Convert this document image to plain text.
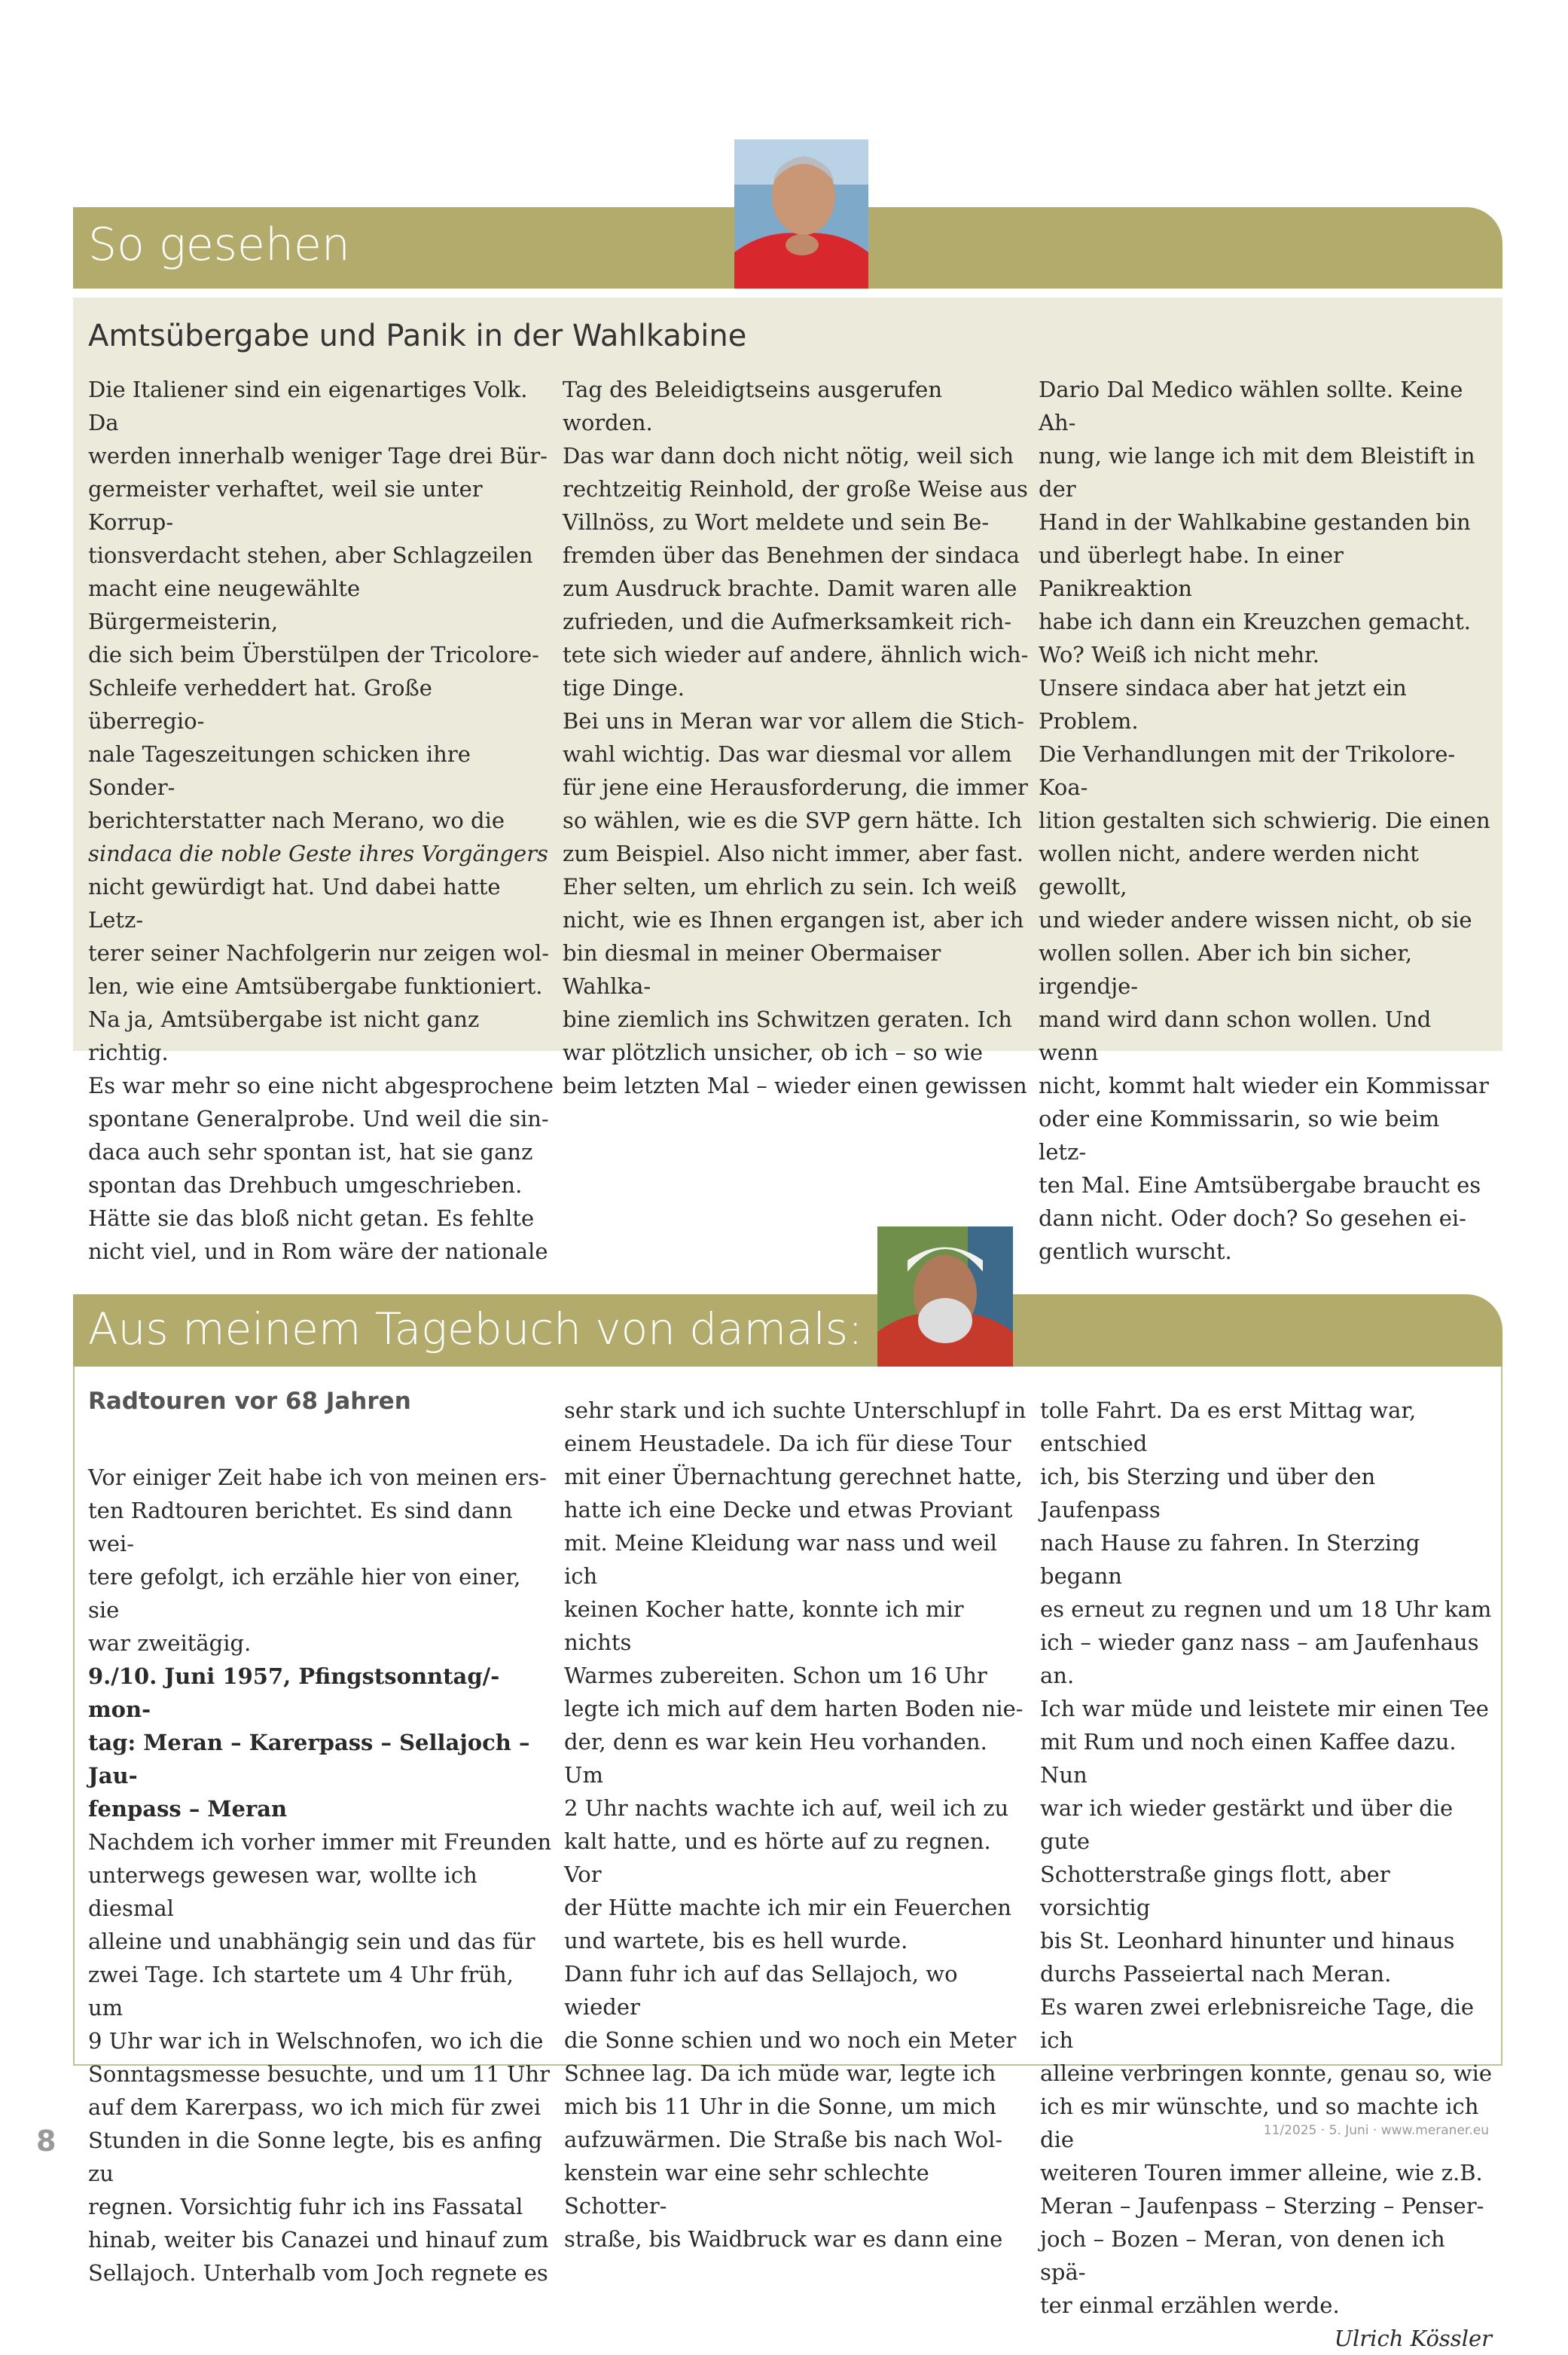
So gesehen
Amtsübergabe und Panik in der Wahlkabine

Die Italiener sind ein eigenartiges Volk. Da

werden innerhalb weniger Tage drei Bür-

germeister verhaftet, weil sie unter Korrup-

tionsverdacht stehen, aber Schlagzeilen

macht eine neugewählte Bürgermeisterin,

die sich beim Überstülpen der Tricolore-

Schleife verheddert hat. Große überregio-

nale Tageszeitungen schicken ihre Sonder-

berichterstatter nach Merano, wo die

sindaca die noble Geste ihres Vorgängers

nicht gewürdigt hat. Und dabei hatte Letz-

terer seiner Nachfolgerin nur zeigen wol-

len, wie eine Amtsübergabe funktioniert.

Na ja, Amtsübergabe ist nicht ganz richtig.

Es war mehr so eine nicht abgesprochene

spontane Generalprobe. Und weil die sin-

daca auch sehr spontan ist, hat sie ganz

spontan das Drehbuch umgeschrieben.

Hätte sie das bloß nicht getan. Es fehlte

nicht viel, und in Rom wäre der nationale

Tag des Beleidigtseins ausgerufen worden.

Das war dann doch nicht nötig, weil sich

rechtzeitig Reinhold, der große Weise aus

Villnöss, zu Wort meldete und sein Be-

fremden über das Benehmen der sindaca

zum Ausdruck brachte. Damit waren alle

zufrieden, und die Aufmerksamkeit rich-

tete sich wieder auf andere, ähnlich wich-

tige Dinge.

Bei uns in Meran war vor allem die Stich-

wahl wichtig. Das war diesmal vor allem

für jene eine Herausforderung, die immer

so wählen, wie es die SVP gern hätte. Ich

zum Beispiel. Also nicht immer, aber fast.

Eher selten, um ehrlich zu sein. Ich weiß

nicht, wie es Ihnen ergangen ist, aber ich

bin diesmal in meiner Obermaiser Wahlka-

bine ziemlich ins Schwitzen geraten. Ich

war plötzlich unsicher, ob ich – so wie

beim letzten Mal – wieder einen gewissen

Dario Dal Medico wählen sollte. Keine Ah-

nung, wie lange ich mit dem Bleistift in der

Hand in der Wahlkabine gestanden bin

und überlegt habe. In einer Panikreaktion

habe ich dann ein Kreuzchen gemacht.

Wo? Weiß ich nicht mehr.

Unsere sindaca aber hat jetzt ein Problem.

Die Verhandlungen mit der Trikolore-Koa-

lition gestalten sich schwierig. Die einen

wollen nicht, andere werden nicht gewollt,

und wieder andere wissen nicht, ob sie

wollen sollen. Aber ich bin sicher, irgendje-

mand wird dann schon wollen. Und wenn

nicht, kommt halt wieder ein Kommissar

oder eine Kommissarin, so wie beim letz-

ten Mal. Eine Amtsübergabe braucht es

dann nicht. Oder doch? So gesehen ei-

gentlich wurscht.

Aus meinem Tagebuch von damals:
Radtouren vor 68 Jahren

Vor einiger Zeit habe ich von meinen ers-

ten Radtouren berichtet. Es sind dann wei-

tere gefolgt, ich erzähle hier von einer, sie

war zweitägig.

9./10. Juni 1957, Pfingstsonntag/-mon-

tag: Meran – Karerpass – Sellajoch – Jau-

fenpass – Meran

Nachdem ich vorher immer mit Freunden

unterwegs gewesen war, wollte ich diesmal

alleine und unabhängig sein und das für

zwei Tage. Ich startete um 4 Uhr früh, um

9 Uhr war ich in Welschnofen, wo ich die

Sonntagsmesse besuchte, und um 11 Uhr

auf dem Karerpass, wo ich mich für zwei

Stunden in die Sonne legte, bis es anfing zu

regnen. Vorsichtig fuhr ich ins Fassatal

hinab, weiter bis Canazei und hinauf zum

Sellajoch. Unterhalb vom Joch regnete es

sehr stark und ich suchte Unterschlupf in

einem Heustadele. Da ich für diese Tour

mit einer Übernachtung gerechnet hatte,

hatte ich eine Decke und etwas Proviant

mit. Meine Kleidung war nass und weil ich

keinen Kocher hatte, konnte ich mir nichts

Warmes zubereiten. Schon um 16 Uhr

legte ich mich auf dem harten Boden nie-

der, denn es war kein Heu vorhanden. Um

2 Uhr nachts wachte ich auf, weil ich zu

kalt hatte, und es hörte auf zu regnen. Vor

der Hütte machte ich mir ein Feuerchen

und wartete, bis es hell wurde.

Dann fuhr ich auf das Sellajoch, wo wieder

die Sonne schien und wo noch ein Meter

Schnee lag. Da ich müde war, legte ich

mich bis 11 Uhr in die Sonne, um mich

aufzuwärmen. Die Straße bis nach Wol-

kenstein war eine sehr schlechte Schotter-

straße, bis Waidbruck war es dann eine

tolle Fahrt. Da es erst Mittag war, entschied

ich, bis Sterzing und über den Jaufenpass

nach Hause zu fahren. In Sterzing begann

es erneut zu regnen und um 18 Uhr kam

ich – wieder ganz nass – am Jaufenhaus an.

Ich war müde und leistete mir einen Tee

mit Rum und noch einen Kaffee dazu. Nun

war ich wieder gestärkt und über die gute

Schotterstraße gings flott, aber vorsichtig

bis St. Leonhard hinunter und hinaus

durchs Passeiertal nach Meran.

Es waren zwei erlebnisreiche Tage, die ich

alleine verbringen konnte, genau so, wie

ich es mir wünschte, und so machte ich die

weiteren Touren immer alleine, wie z.B.

Meran – Jaufenpass – Sterzing – Penser-

joch – Bozen – Meran, von denen ich spä-

ter einmal erzählen werde.

Ulrich Kössler

8	11/2025 · 5. Juni · www.meraner.eu
